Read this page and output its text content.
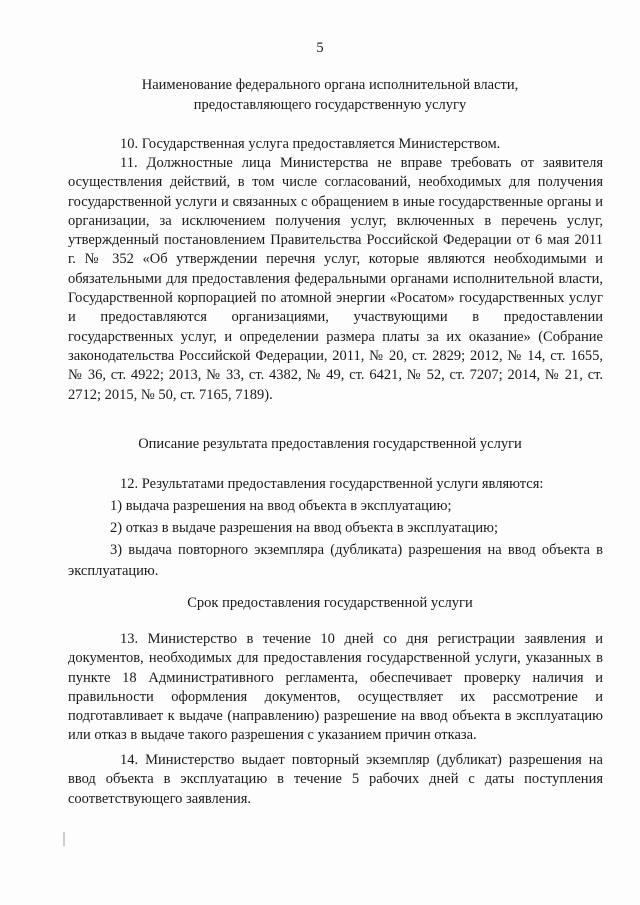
5
Наименование федерального органа исполнительной власти,
предоставляющего государственную услугу
10. Государственная услуга предоставляется Министерством.
11. Должностные лица Министерства не вправе требовать от заявителя осуществления действий, в том числе согласований, необходимых для получения государственной услуги и связанных с обращением в иные государственные органы и организации, за исключением получения услуг, включенных в перечень услуг, утвержденный постановлением Правительства Российской Федерации от 6 мая 2011 г. № 352 «Об утверждении перечня услуг, которые являются необходимыми и обязательными для предоставления федеральными органами исполнительной власти, Государственной корпорацией по атомной энергии «Росатом» государственных услуг и предоставляются организациями, участвующими в предоставлении государственных услуг, и определении размера платы за их оказание» (Собрание законодательства Российской Федерации, 2011, № 20, ст. 2829; 2012, № 14, ст. 1655, № 36, ст. 4922; 2013, № 33, ст. 4382, № 49, ст. 6421, № 52, ст. 7207; 2014, № 21, ст. 2712; 2015, № 50, ст. 7165, 7189).
Описание результата предоставления государственной услуги
12. Результатами предоставления государственной услуги являются:
1) выдача разрешения на ввод объекта в эксплуатацию;
2) отказ в выдаче разрешения на ввод объекта в эксплуатацию;
3) выдача повторного экземпляра (дубликата) разрешения на ввод объекта в эксплуатацию.
Срок предоставления государственной услуги
13. Министерство в течение 10 дней со дня регистрации заявления и документов, необходимых для предоставления государственной услуги, указанных в пункте 18 Административного регламента, обеспечивает проверку наличия и правильности оформления документов, осуществляет их рассмотрение и подготавливает к выдаче (направлению) разрешение на ввод объекта в эксплуатацию или отказ в выдаче такого разрешения с указанием причин отказа.
14. Министерство выдает повторный экземпляр (дубликат) разрешения на ввод объекта в эксплуатацию в течение 5 рабочих дней с даты поступления соответствующего заявления.
